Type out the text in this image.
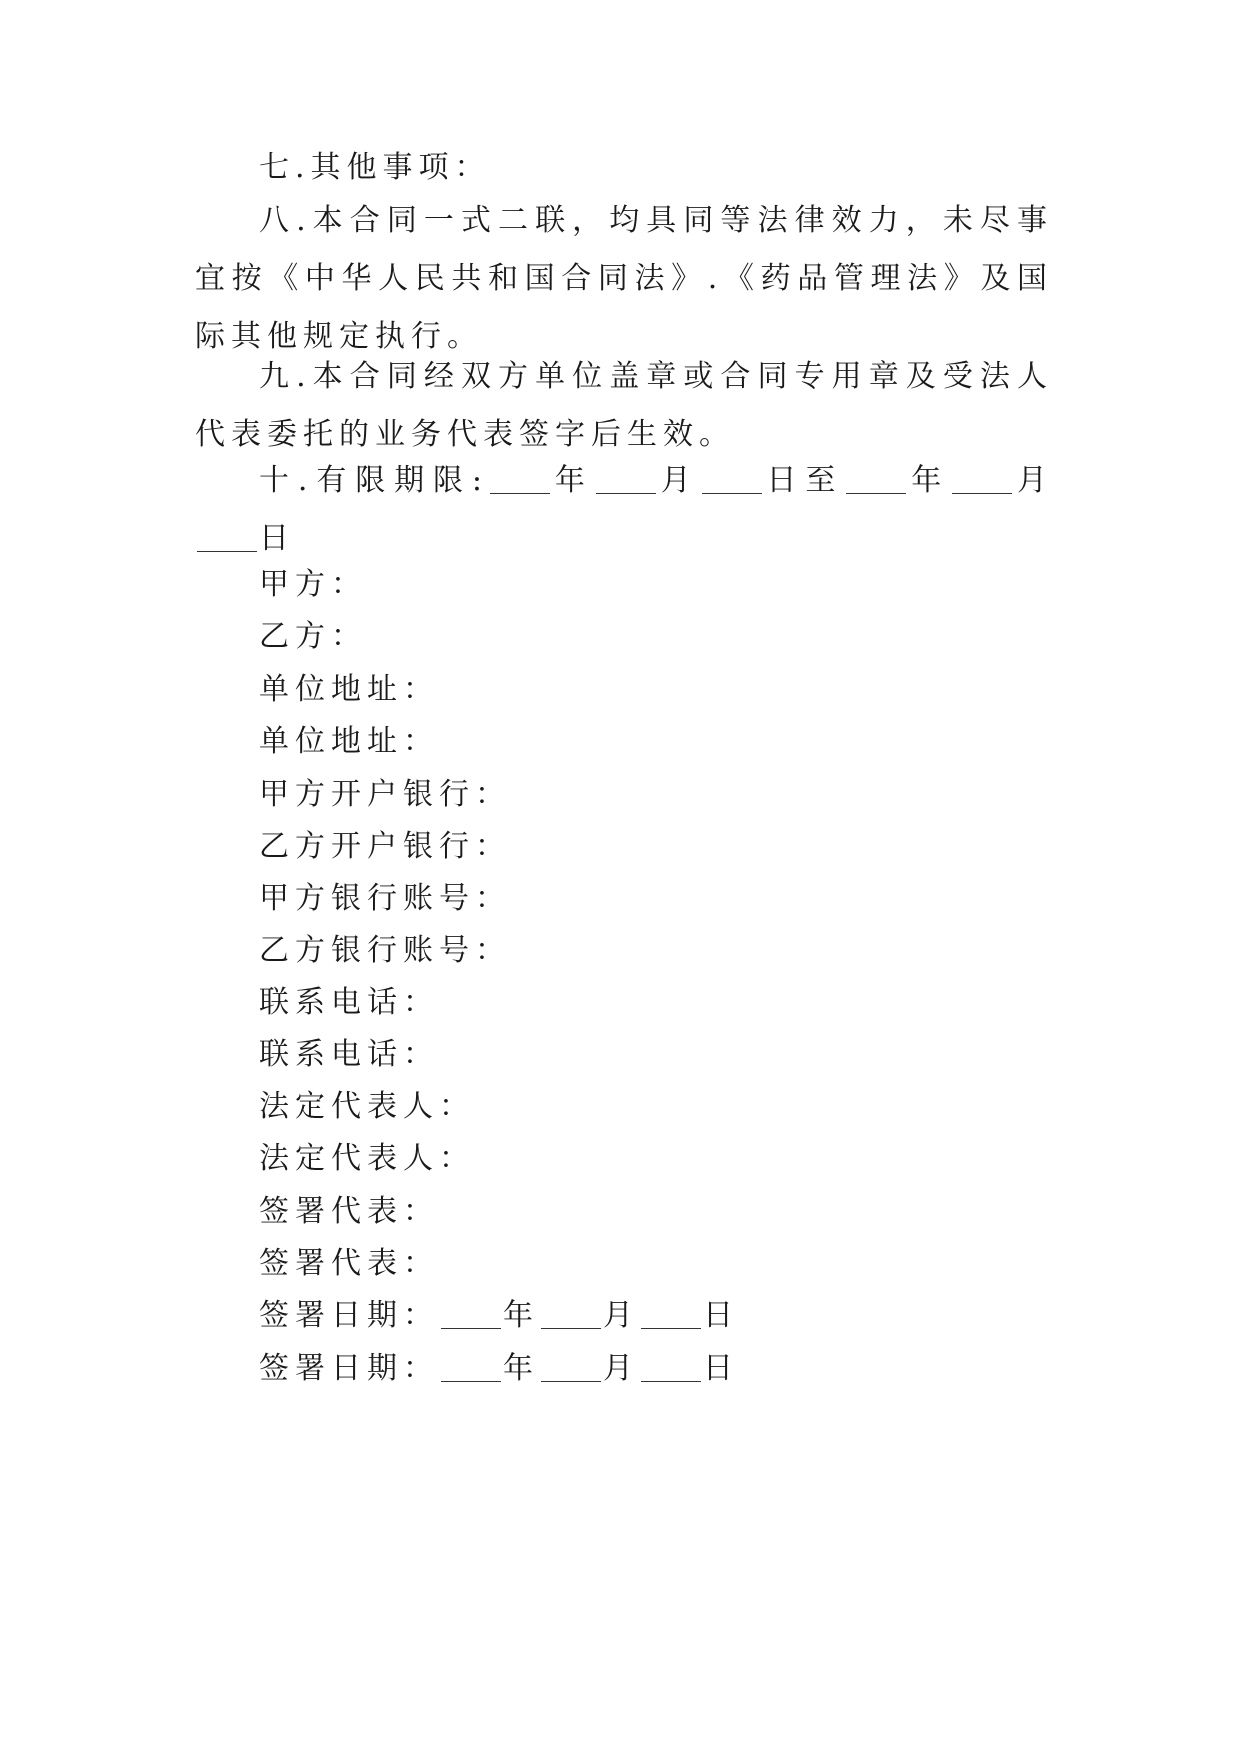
七.其他事项：

八.本合同一式二联，均具同等法律效力，未尽事宜按《中华人民共和国合同法》.《药品管理法》及国际其他规定执行。

九.本合同经双方单位盖章或合同专用章及受法人代表委托的业务代表签字后生效。

十.有限期限: 年 月 日至 年 月日

甲方：

乙方：

单位地址：

单位地址：

甲方开户银行：

乙方开户银行：

甲方银行账号：

乙方银行账号：

联系电话：

联系电话：

法定代表人：

法定代表人：

签署代表：

签署代表：

签署日期： 年 月 日

签署日期： 年 月 日
